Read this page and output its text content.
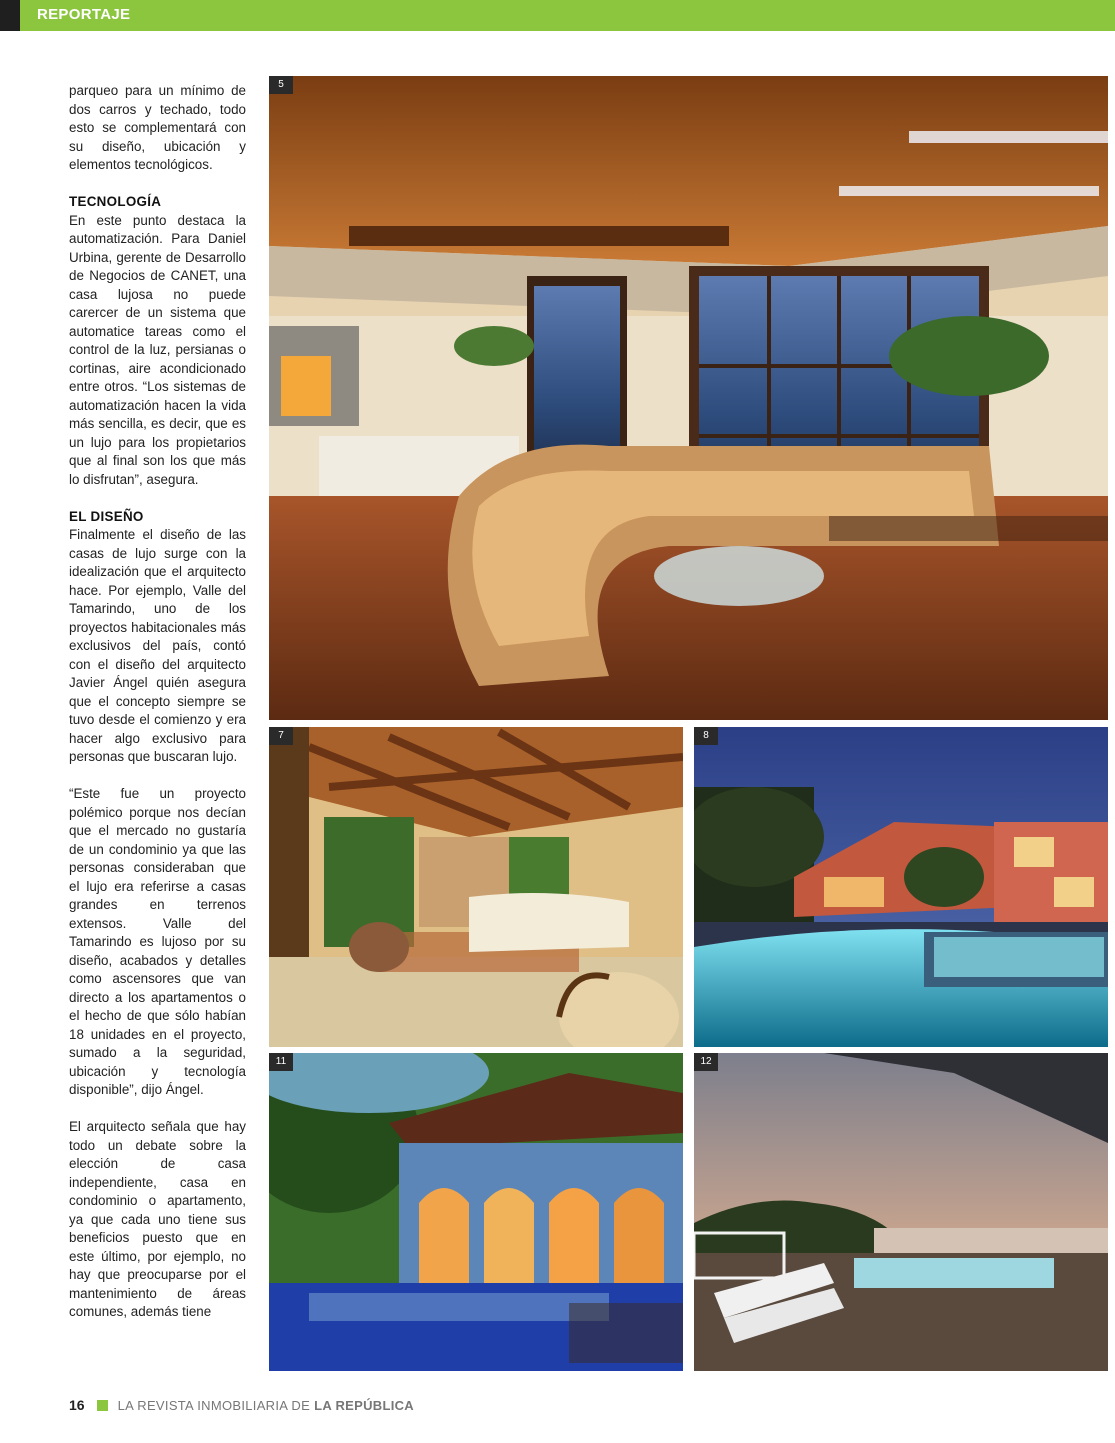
REPORTAJE

parqueo para un mínimo de dos carros y techado, todo esto se complementará con su diseño, ubicación y elementos tecnológicos.

TECNOLOGÍA

En este punto destaca la automatización. Para Daniel Urbina, gerente de Desarrollo de Negocios de CANET, una casa lujosa no puede carercer de un sistema que automatice tareas como el control de la luz, persianas o cortinas, aire acondicionado entre otros. “Los sistemas de automatización hacen la vida más sencilla, es decir, que es un lujo para los propietarios que al final son los que más lo disfrutan”, asegura.

EL DISEÑO

Finalmente el diseño de las casas de lujo surge con la idealización que el arquitecto hace. Por ejemplo, Valle del Tamarindo, uno de los proyectos habitacionales más exclusivos del país, contó con el diseño del arquitecto Javier Ángel quién asegura que el concepto siempre se tuvo desde el comienzo y era hacer algo exclusivo para personas que buscaran lujo.

“Este fue un proyecto polémico porque nos decían que el mercado no gustaría de un condominio ya que las personas consideraban que el lujo era referirse a casas grandes en terrenos extensos. Valle del Tamarindo es lujoso por su diseño, acabados y detalles como ascensores que van directo a los apartamentos o el hecho de que sólo habían 18 unidades en el proyecto, sumado a la seguridad, ubicación y tecnología disponible”, dijo Ángel.

El arquitecto señala que hay todo un debate sobre la elección de casa independiente, casa en condominio o apartamento, ya que cada uno tiene sus beneficios puesto que en este último, por ejemplo, no hay que preocuparse por el mantenimiento de áreas comunes, además tiene

5
7	8
11	12
16	LA REVISTA INMOBILIARIA DE LA REPÚBLICA
